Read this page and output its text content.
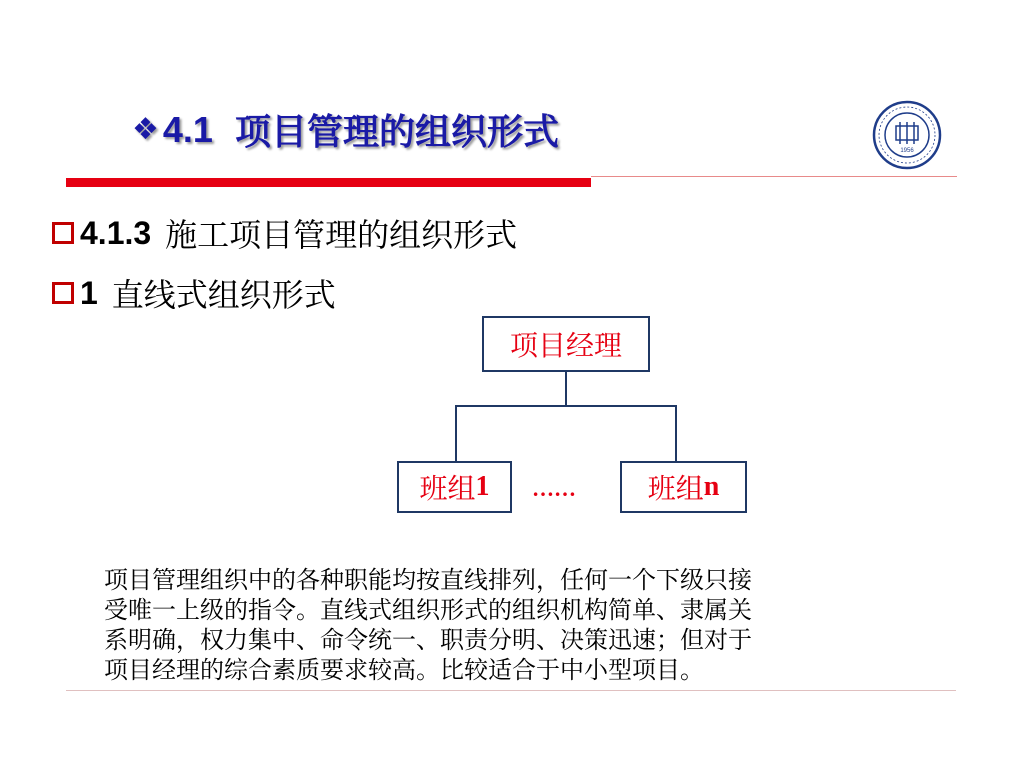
❖ 4.1 项目管理的组织形式	1956
4.1.3 施工项目管理的组织形式
1 直线式组织形式
项目经理
班组 1 ……	班组 n
项目管理组织中的各种职能均按直线排列，任何一个下级只接
受唯一上级的指令。直线式组织形式的组织机构简单、隶属关
系明确，权力集中、命令统一、职责分明、决策迅速；但对于
项目经理的综合素质要求较高。比较适合于中小型项目。
